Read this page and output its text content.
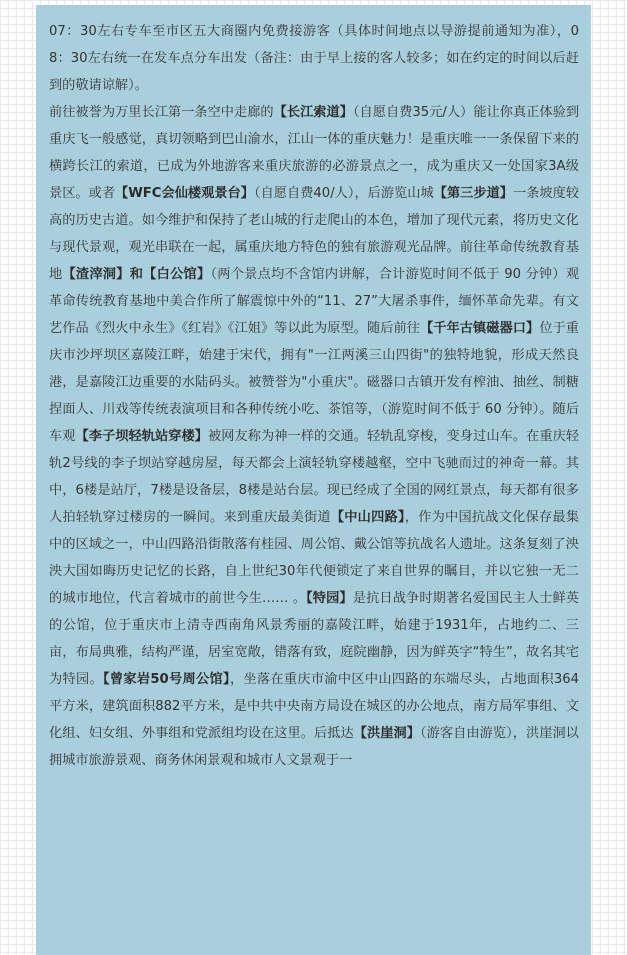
07：30左右专车至市区五大商圈内免费接游客（具体时间地点以导游提前通知为准），08：30左右统一在发车点分车出发（备注：由于早上接的客人较多；如在约定的时间以后赶到的敬请谅解）。

前往被誉为万里长江第一条空中走廊的【长江索道】（自愿自费35元/人）能让你真正体验到重庆飞一般感觉，真切领略到巴山渝水，江山一体的重庆魅力！是重庆唯一一条保留下来的横跨长江的索道，已成为外地游客来重庆旅游的必游景点之一，成为重庆又一处国家3A级景区。或者【WFC会仙楼观景台】（自愿自费40/人），后游览山城【第三步道】一条坡度较高的历史古道。如今维护和保持了老山城的行走爬山的本色，增加了现代元素，将历史文化与现代景观，观光串联在一起，属重庆地方特色的独有旅游观光品牌。前往革命传统教育基地【渣滓洞】和【白公馆】（两个景点均不含馆内讲解，合计游览时间不低于 90 分钟）观革命传统教育基地中美合作所了解震惊中外的“11、27”大屠杀事件，缅怀革命先辈。有文艺作品《烈火中永生》《红岩》《江姐》等以此为原型。随后前往【千年古镇磁器口】位于重庆市沙坪坝区嘉陵江畔，始建于宋代，拥有"一江两溪三山四街"的独特地貌，形成天然良港，是嘉陵江边重要的水陆码头。被赞誉为"小重庆"。磁器口古镇开发有榨油、抽丝、制糖捏面人、川戏等传统表演项目和各种传统小吃、茶馆等，（游览时间不低于 60 分钟）。随后车观【李子坝轻轨站穿楼】被网友称为神一样的交通。轻轨乱穿梭，变身过山车。在重庆轻轨2号线的李子坝站穿越房屋，每天都会上演轻轨穿楼越壑，空中飞驰而过的神奇一幕。其中，6楼是站厅，7楼是设备层，8楼是站台层。现已经成了全国的网红景点，每天都有很多人拍轻轨穿过楼房的一瞬间。来到重庆最美街道【中山四路】，作为中国抗战文化保存最集中的区域之一，中山四路沿街散落有桂园、周公馆、戴公馆等抗战名人遗址。这条复刻了泱泱大国如晦历史记忆的长路，自上世纪30年代便锁定了来自世界的瞩目，并以它独一无二的城市地位，代言着城市的前世今生…… 。【特园】是抗日战争时期著名爱国民主人士鲜英的公馆，位于重庆市上清寺西南角风景秀丽的嘉陵江畔，始建于1931年，占地约二、三亩，布局典雅，结构严谨，居室宽敞，错落有致，庭院幽静，因为鲜英字“特生”，故名其宅为特园。【曾家岩50号周公馆】，坐落在重庆市渝中区中山四路的东端尽头，占地面积364平方米，建筑面积882平方米，是中共中央南方局设在城区的办公地点，南方局军事组、文化组、妇女组、外事组和党派组均设在这里。后抵达【洪崖洞】（游客自由游览），洪崖洞以拥城市旅游景观、商务休闲景观和城市人文景观于一
